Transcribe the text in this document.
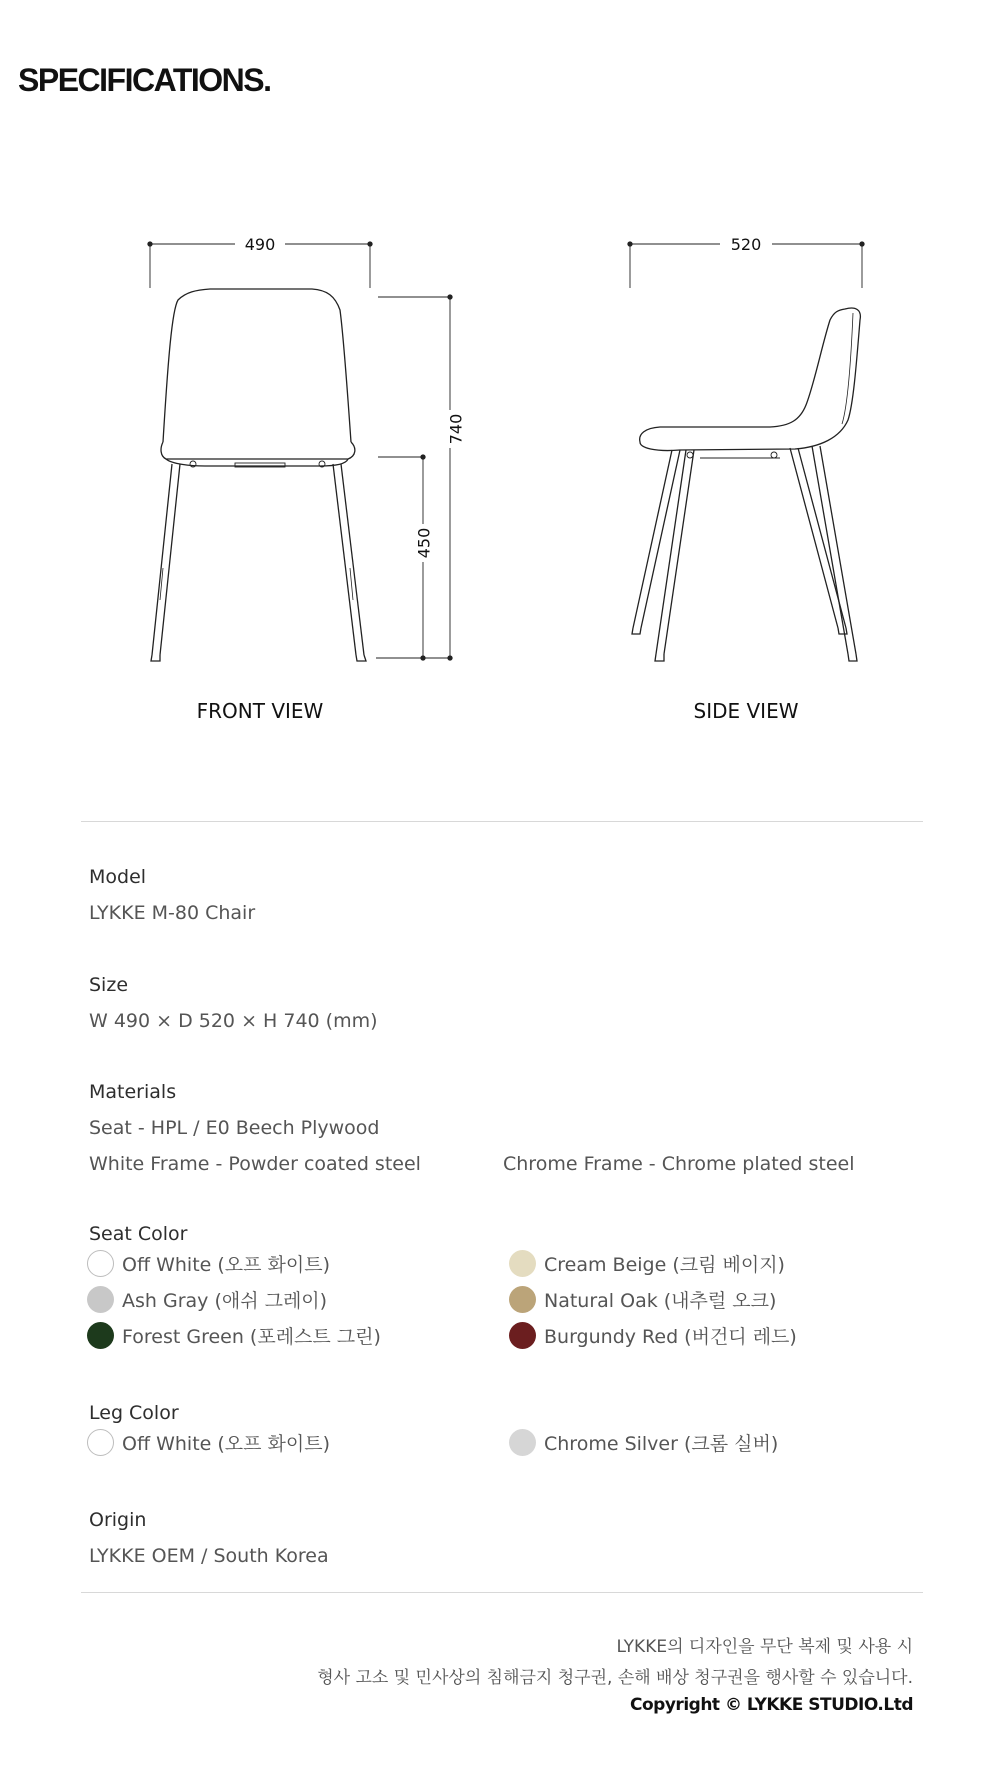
SPECIFICATIONS.
490
740
450
FRONT VIEW
520
SIDE VIEW

Model

LYKKE M-80 Chair

Size

W 490 × D 520 × H 740 (mm)

Materials

Seat - HPL / E0 Beech Plywood

White Frame - Powder coated steel	Chrome Frame - Chrome plated steel

Seat Color

Off White (오프 화이트)	Cream Beige (크림 베이지)
Ash Gray (애쉬 그레이)	Natural Oak (내추럴 오크)
Forest Green (포레스트 그린)	Burgundy Red (버건디 레드)

Leg Color

Off White (오프 화이트)	Chrome Silver (크롬 실버)

Origin

LYKKE OEM / South Korea

LYKKE의 디자인을 무단 복제 및 사용 시
형사 고소 및 민사상의 침해금지 청구권, 손해 배상 청구권을 행사할 수 있습니다.
Copyright © LYKKE STUDIO.Ltd
